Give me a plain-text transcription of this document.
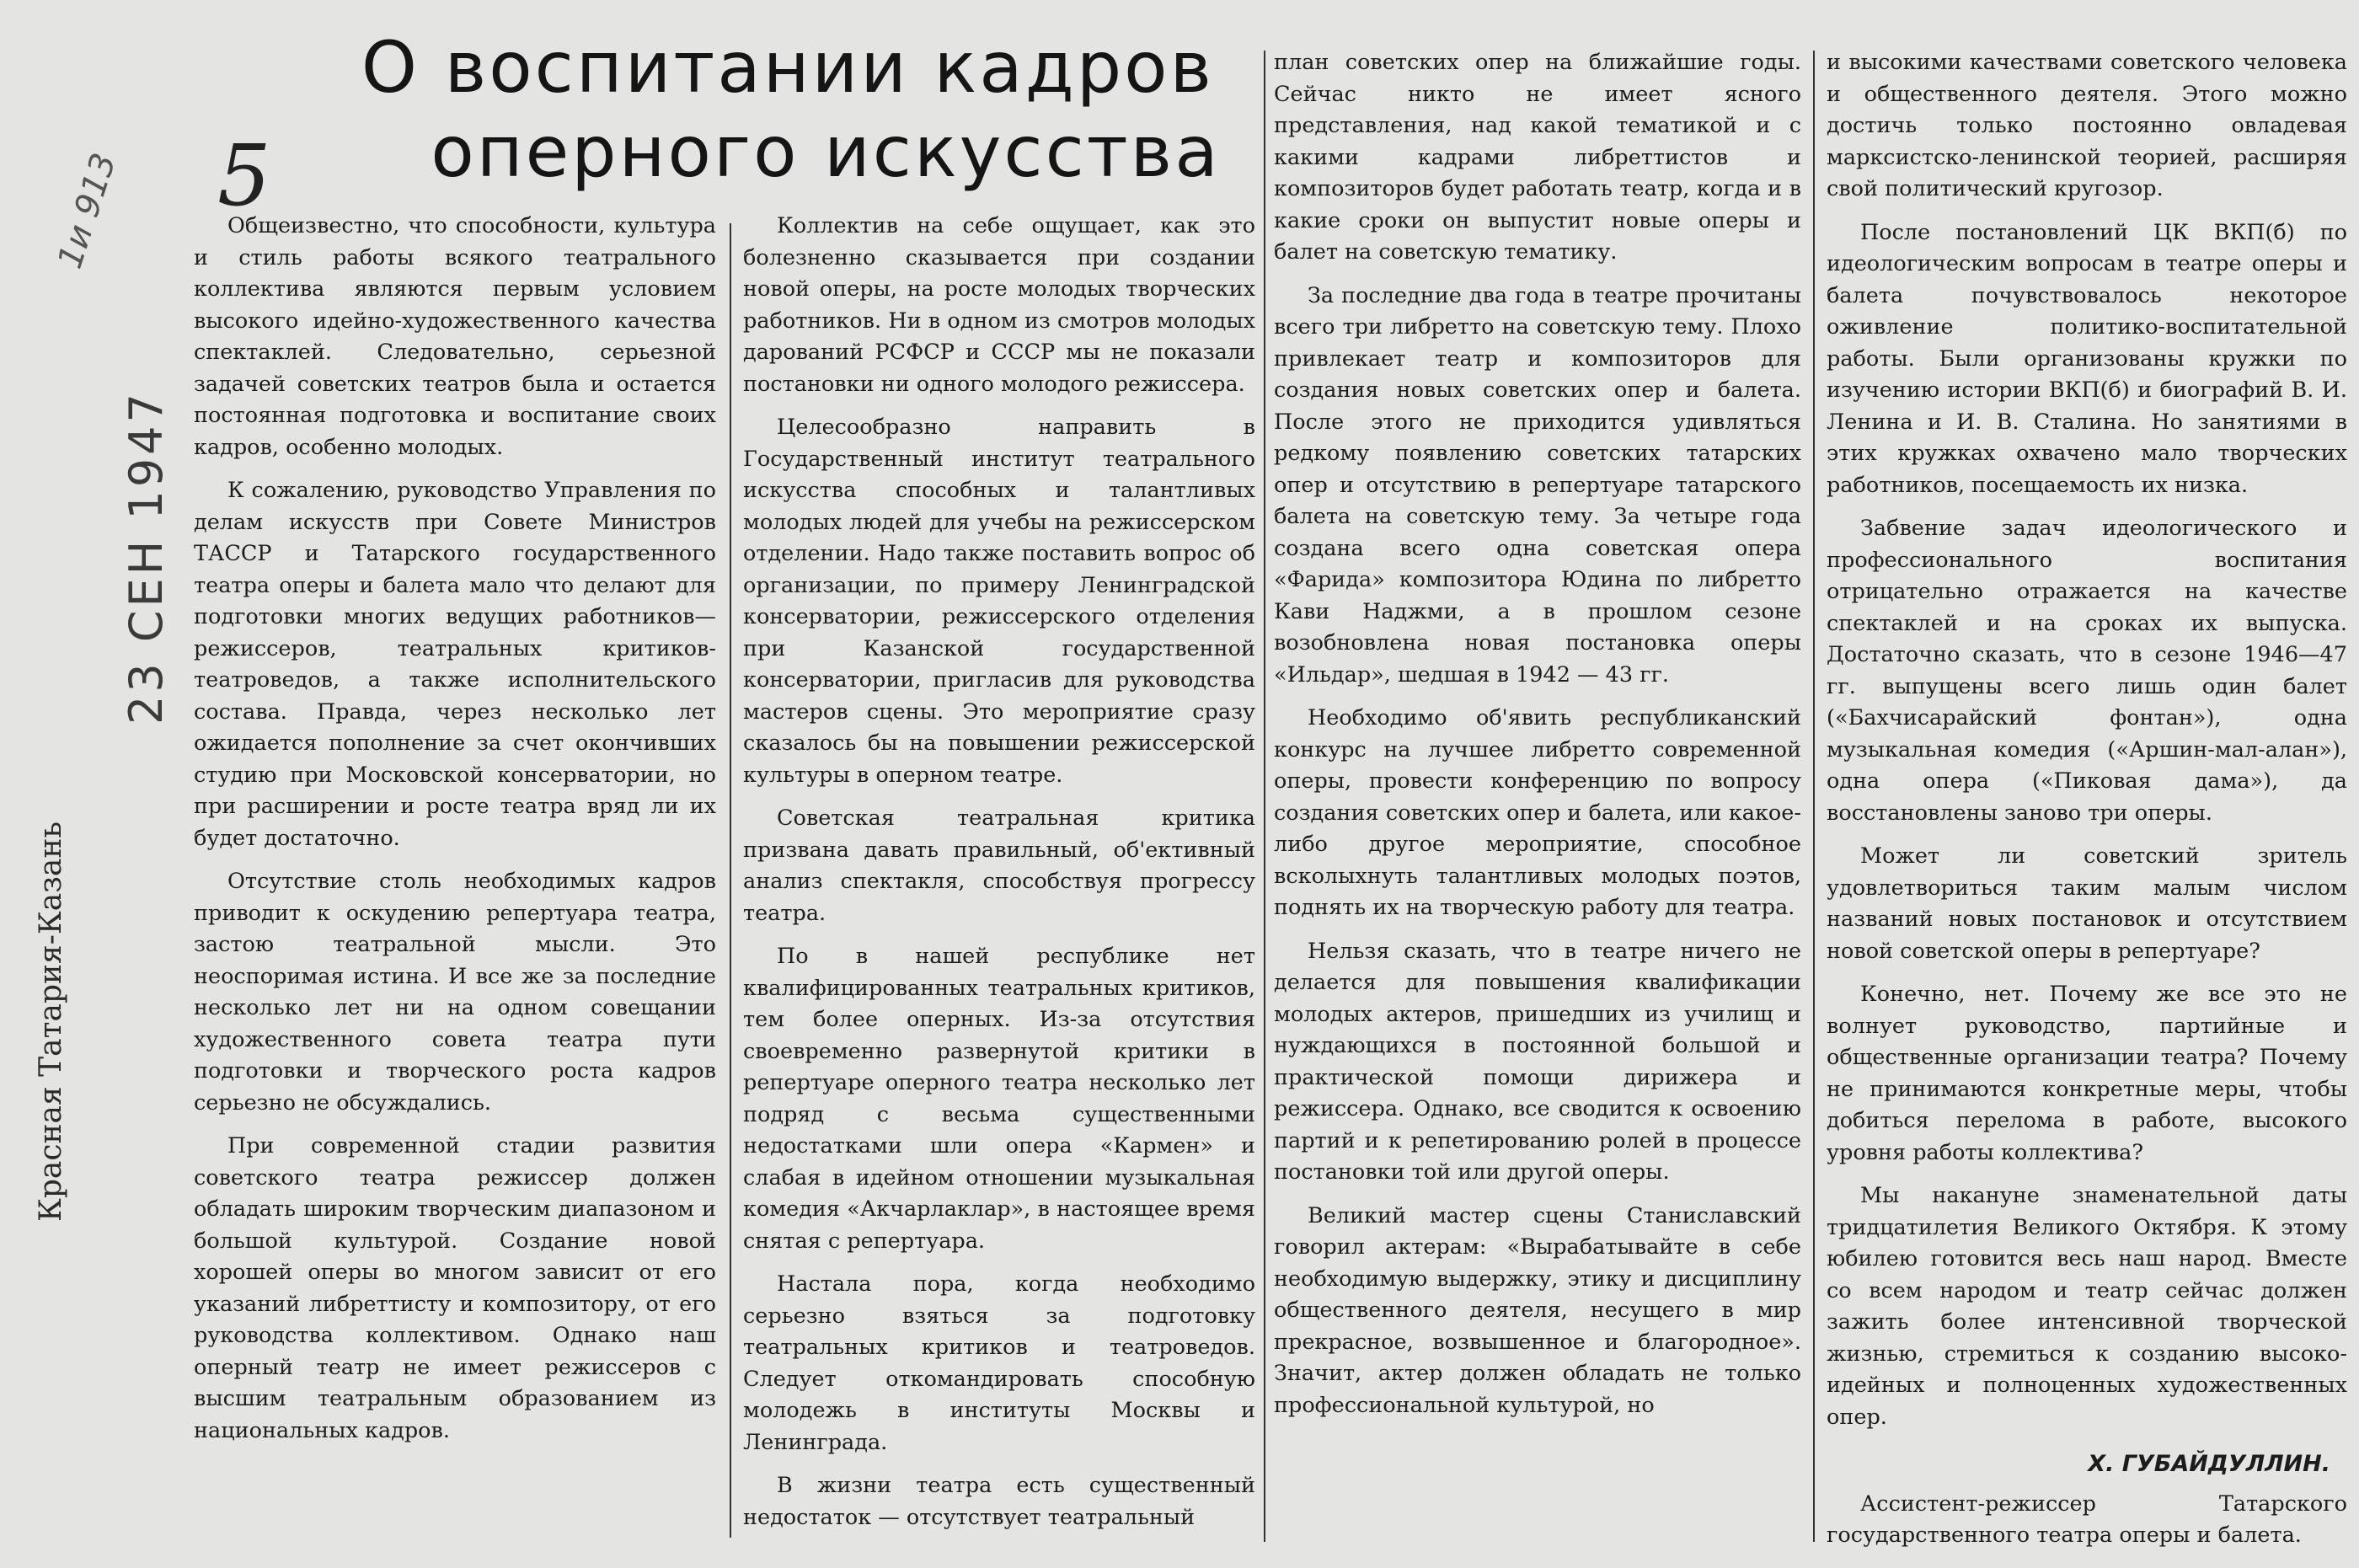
О воспитании кадров
оперного искусства
5
1и 913
23 СЕН 1947
Красная Татария-Казань

Общеизвестно, что способности, культура и стиль работы всякого театрального коллектива являются первым условием высокого идейно-художественного качества спектаклей. Следовательно, серьезной задачей советских театров была и остается постоянная подготовка и воспитание своих кадров, особенно молодых.

К сожалению, руководство Управления по делам искусств при Совете Министров ТАССР и Татарского государственного театра оперы и балета мало что делают для подготовки многих ведущих работников—режиссеров, театральных критиков-театроведов, а также исполнительского состава. Правда, через несколько лет ожидается пополнение за счет окончивших студию при Московской консерватории, но при расширении и росте театра вряд ли их будет достаточно.

Отсутствие столь необходимых кадров приводит к оскудению репертуара театра, застою театральной мысли. Это неоспоримая истина. И все же за последние несколько лет ни на одном совещании художественного совета театра пути подготовки и творческого роста кадров серьезно не обсуждались.

При современной стадии развития советского театра режиссер должен обладать широким творческим диапазоном и большой культурой. Создание новой хорошей оперы во многом зависит от его указаний либреттисту и композитору, от его руководства коллективом. Однако наш оперный театр не имеет режиссеров с высшим театральным образованием из национальных кадров.

Коллектив на себе ощущает, как это болезненно сказывается при создании новой оперы, на росте молодых творческих работников. Ни в одном из смотров молодых дарований РСФСР и СССР мы не показали постановки ни одного молодого режиссера.

Целесообразно направить в Государственный институт театрального искусства способных и талантливых молодых людей для учебы на режиссерском отделении. Надо также поставить вопрос об организации, по примеру Ленинградской консерватории, режиссерского отделения при Казанской государственной консерватории, пригласив для руководства мастеров сцены. Это мероприятие сразу сказалось бы на повышении режиссерской культуры в оперном театре.

Советская театральная критика призвана давать правильный, об'ективный анализ спектакля, способствуя прогрессу театра.

По в нашей республике нет квалифицированных театральных критиков, тем более оперных. Из-за отсутствия своевременно развернутой критики в репертуаре оперного театра несколько лет подряд с весьма существенными недостатками шли опера «Кармен» и слабая в идейном отношении музыкальная комедия «Акчарлаклар», в настоящее время снятая с репертуара.

Настала пора, когда необходимо серьезно взяться за подготовку театральных критиков и театроведов. Следует откомандировать способную молодежь в институты Москвы и Ленинграда.

В жизни театра есть существенный недостаток — отсутствует театральный

план советских опер на ближайшие годы. Сейчас никто не имеет ясного представления, над какой тематикой и с какими кадрами либреттистов и композиторов будет работать театр, когда и в какие сроки он выпустит новые оперы и балет на советскую тематику.

За последние два года в театре прочитаны всего три либретто на советскую тему. Плохо привлекает театр и композиторов для создания новых советских опер и балета. После этого не приходится удивляться редкому появлению советских татарских опер и отсутствию в репертуаре татарского балета на советскую тему. За четыре года создана всего одна советская опера «Фарида» композитора Юдина по либретто Кави Наджми, а в прошлом сезоне возобновлена новая постановка оперы «Ильдар», шедшая в 1942 — 43 гг.

Необходимо об'явить республиканский конкурс на лучшее либретто современной оперы, провести конференцию по вопросу создания советских опер и балета, или какое-либо другое мероприятие, способное всколыхнуть талантливых молодых поэтов, поднять их на творческую работу для театра.

Нельзя сказать, что в театре ничего не делается для повышения квалификации молодых актеров, пришедших из училищ и нуждающихся в постоянной большой и практической помощи дирижера и режиссера. Однако, все сводится к освоению партий и к репетированию ролей в процессе постановки той или другой оперы.

Великий мастер сцены Станиславский говорил актерам: «Вырабатывайте в себе необходимую выдержку, этику и дисциплину общественного деятеля, несущего в мир прекрасное, возвышенное и благородное». Значит, актер должен обладать не только профессиональной культурой, но

и высокими качествами советского человека и общественного деятеля. Этого можно достичь только постоянно овладевая марксистско-ленинской теорией, расширяя свой политический кругозор.

После постановлений ЦК ВКП(б) по идеологическим вопросам в театре оперы и балета почувствовалось некоторое оживление политико-воспитательной работы. Были организованы кружки по изучению истории ВКП(б) и биографий В. И. Ленина и И. В. Сталина. Но занятиями в этих кружках охвачено мало творческих работников, посещаемость их низка.

Забвение задач идеологического и профессионального воспитания отрицательно отражается на качестве спектаклей и на сроках их выпуска. Достаточно сказать, что в сезоне 1946—47 гг. выпущены всего лишь один балет («Бахчисарайский фонтан»), одна музыкальная комедия («Аршин-мал-алан»), одна опера («Пиковая дама»), да восстановлены заново три оперы.

Может ли советский зритель удовлетвориться таким малым числом названий новых постановок и отсутствием новой советской оперы в репертуаре?

Конечно, нет. Почему же все это не волнует руководство, партийные и общественные организации театра? Почему не принимаются конкретные меры, чтобы добиться перелома в работе, высокого уровня работы коллектива?

Мы накануне знаменательной даты тридцатилетия Великого Октября. К этому юбилею готовится весь наш народ. Вместе со всем народом и театр сейчас должен зажить более интенсивной творческой жизнью, стремиться к созданию высоко-идейных и полноценных художественных опер.

Х. ГУБАЙДУЛЛИН.

Ассистент-режиссер Татарского государственного театра оперы и балета.
